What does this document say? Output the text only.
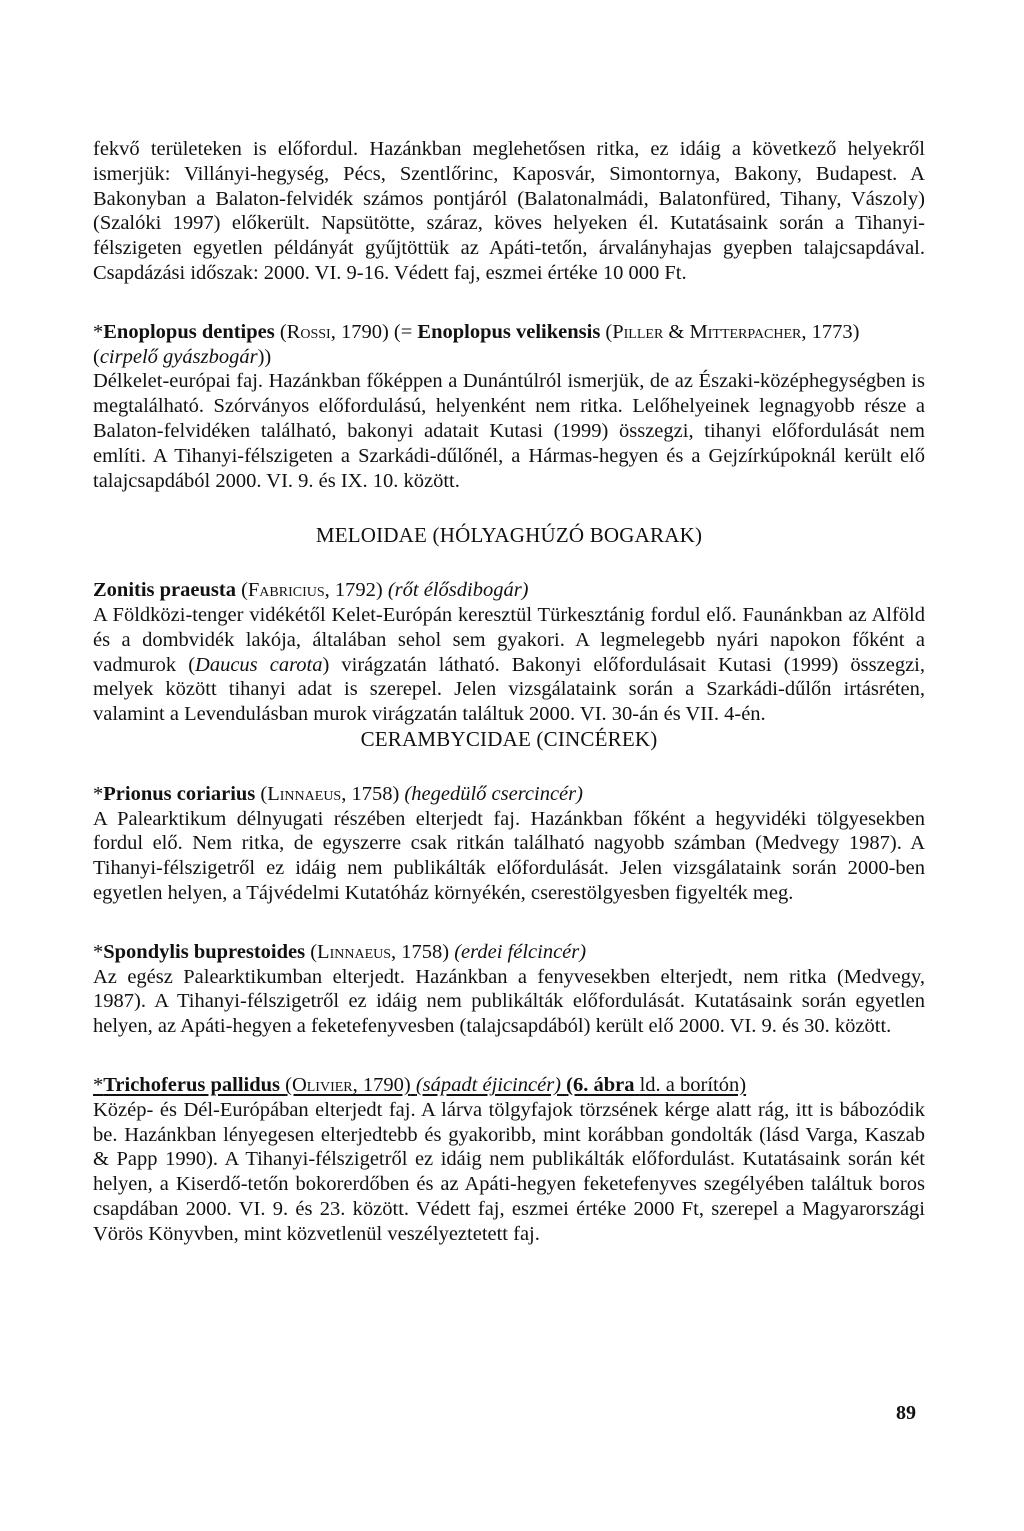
fekvő területeken is előfordul. Hazánkban meglehetősen ritka, ez idáig a következő helyekről ismerjük: Villányi-hegység, Pécs, Szentlőrinc, Kaposvár, Simontornya, Bakony, Budapest. A Bakonyban a Balaton-felvidék számos pontjáról (Balatonalmádi, Balatonfüred, Tihany, Vászoly) (Szalóki 1997) előkerült. Napsütötte, száraz, köves helyeken él. Kutatásaink során a Tihanyi-félszigeten egyetlen példányát gyűjtöttük az Apáti-tetőn, árvalányhajas gyepben talajcsapdával. Csapdázási időszak: 2000. VI. 9-16. Védett faj, eszmei értéke 10 000 Ft.

*Enoplopus dentipes (Rossi, 1790) (= Enoplopus velikensis (Piller & Mitterpacher, 1773) (cirpelő gyászbogár))

Délkelet-európai faj. Hazánkban főképpen a Dunántúlról ismerjük, de az Északi-középhegységben is megtalálható. Szórványos előfordulású, helyenként nem ritka. Lelőhelyeinek legnagyobb része a Balaton-felvidéken található, bakonyi adatait Kutasi (1999) összegzi, tihanyi előfordulását nem említi. A Tihanyi-félszigeten a Szarkádi-dűlőnél, a Hármas-hegyen és a Gejzírkúpoknál került elő talajcsapdából 2000. VI. 9. és IX. 10. között.

MELOIDAE (HÓLYAGHÚZÓ BOGARAK)

Zonitis praeusta (Fabricius, 1792) (rőt élősdibogár)

A Földközi-tenger vidékétől Kelet-Európán keresztül Türkesztánig fordul elő. Faunánkban az Alföld és a dombvidék lakója, általában sehol sem gyakori. A legmelegebb nyári napokon főként a vadmurok (Daucus carota) virágzatán látható. Bakonyi előfordulásait Kutasi (1999) összegzi, melyek között tihanyi adat is szerepel. Jelen vizsgálataink során a Szarkádi-dűlőn irtásréten, valamint a Levendulásban murok virágzatán találtuk 2000. VI. 30-án és VII. 4-én.

CERAMBYCIDAE (CINCÉREK)

*Prionus coriarius (Linnaeus, 1758) (hegedülő csercincér)

A Palearktikum délnyugati részében elterjedt faj. Hazánkban főként a hegyvidéki tölgyesekben fordul elő. Nem ritka, de egyszerre csak ritkán található nagyobb számban (Medvegy 1987). A Tihanyi-félszigetről ez idáig nem publikálták előfordulását. Jelen vizsgálataink során 2000-ben egyetlen helyen, a Tájvédelmi Kutatóház környékén, cserestölgyesben figyelték meg.

*Spondylis buprestoides (Linnaeus, 1758) (erdei félcincér)

Az egész Palearktikumban elterjedt. Hazánkban a fenyvesekben elterjedt, nem ritka (Medvegy, 1987). A Tihanyi-félszigetről ez idáig nem publikálták előfordulását. Kutatásaink során egyetlen helyen, az Apáti-hegyen a feketefenyvesben (talajcsapdából) került elő 2000. VI. 9. és 30. között.

*Trichoferus pallidus (Olivier, 1790) (sápadt éjicincér) (6. ábra ld. a borítón)

Közép- és Dél-Európában elterjedt faj. A lárva tölgyfajok törzsének kérge alatt rág, itt is bábozódik be. Hazánkban lényegesen elterjedtebb és gyakoribb, mint korábban gondolták (lásd Varga, Kaszab & Papp 1990). A Tihanyi-félszigetről ez idáig nem publikálták előfordulást. Kutatásaink során két helyen, a Kiserdő-tetőn bokorerdőben és az Apáti-hegyen feketefenyves szegélyében találtuk boros csapdában 2000. VI. 9. és 23. között. Védett faj, eszmei értéke 2000 Ft, szerepel a Magyarországi Vörös Könyvben, mint közvetlenül veszélyeztetett faj.

89
